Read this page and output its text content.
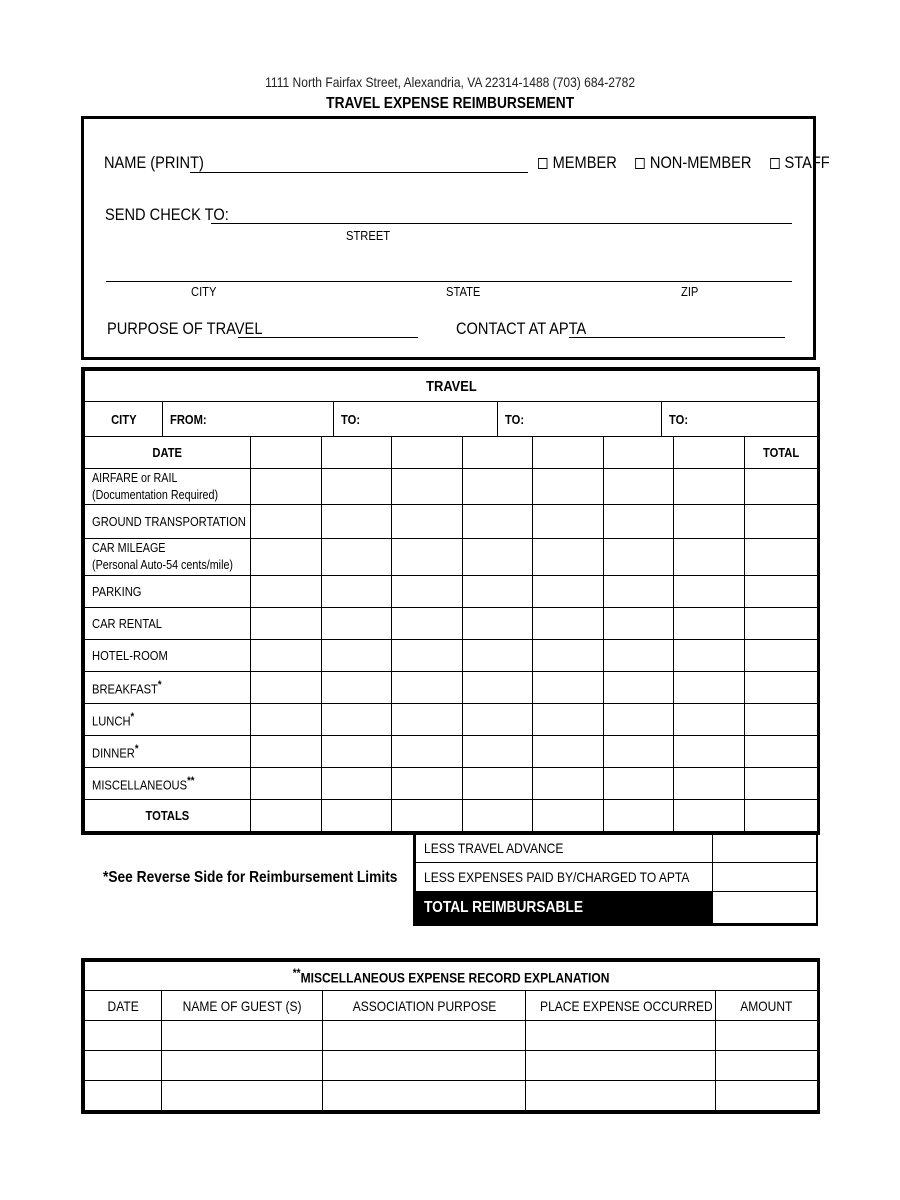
1111 North Fairfax Street, Alexandria, VA 22314-1488 (703) 684-2782
TRAVEL EXPENSE REIMBURSEMENT
NAME (PRINT)	MEMBER NON-MEMBER STAFF
SEND CHECK TO:
STREET
CITY	STATE	ZIP
PURPOSE OF TRAVEL	CONTACT AT APTA
TRAVEL								

CITY FROM: TO: TO: TO:								

DATE								TOTAL

AIRFARE or RAIL
(Documentation Required)								

GROUND TRANSPORTATION								

CAR MILEAGE
(Personal Auto-54 cents/mile)								

PARKING								
CAR RENTAL								
HOTEL-ROOM								
BREAKFAST*								
LUNCH*								
DINNER*								
MISCELLANEOUS**								
TOTALS								
*See Reverse Side for Reimbursement Limits
LESS TRAVEL ADVANCE	
LESS EXPENSES PAID BY/CHARGED TO APTA	
TOTAL REIMBURSABLE	
**MISCELLANEOUS EXPENSE RECORD EXPLANATION				
DATE	NAME OF GUEST (S)	ASSOCIATION PURPOSE	PLACE EXPENSE OCCURRED	AMOUNT
